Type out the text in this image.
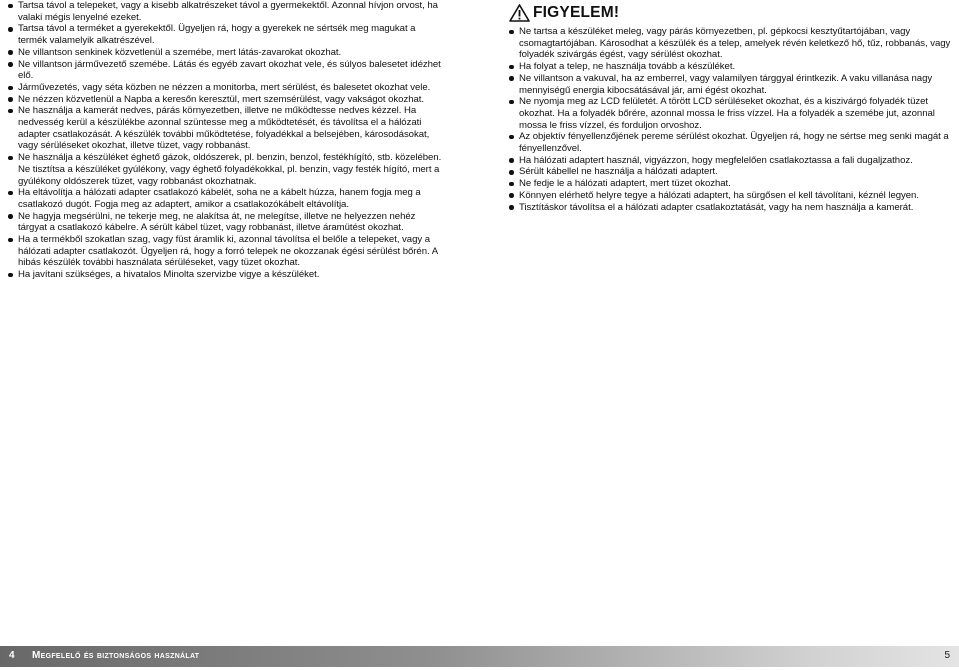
Tartsa távol a telepeket, vagy a kisebb alkatrészeket távol a gyermekektől. Azonnal hívjon orvost, ha valaki mégis lenyelné ezeket.
Tartsa távol a terméket a gyerekektől. Ügyeljen rá, hogy a gyerekek ne sértsék meg magukat a termék valamelyik alkatrészével.
Ne villantson senkinek közvetlenül a szemébe, mert látás-zavarokat okozhat.
Ne villantson járművezető szemébe. Látás és egyéb zavart okozhat vele, és súlyos balesetet idézhet elő.
Járművezetés, vagy séta közben ne nézzen a monitorba, mert sérülést, és balesetet okozhat vele.
Ne nézzen közvetlenül a Napba a keresőn keresztül, mert szemsérülést, vagy vakságot okozhat.
Ne használja a kamerát nedves, párás környezetben, illetve ne működtesse nedves kézzel. Ha nedvesség kerül a készülékbe azonnal szüntesse meg a működtetését, és távolítsa el a hálózati adapter csatlakozását. A készülék további működtetése, folyadékkal a belsejében, károsodásokat, vagy sérüléseket okozhat, illetve tüzet, vagy robbanást.
Ne használja a készüléket éghető gázok, oldószerek, pl. benzin, benzol, festékhígító, stb. közelében. Ne tisztítsa a készüléket gyúlékony, vagy éghető folyadékokkal, pl. benzin, vagy festék hígító, mert a gyúlékony oldószerek tüzet, vagy robbanást okozhatnak.
Ha eltávolítja a hálózati adapter csatlakozó kábelét, soha ne a kábelt húzza, hanem fogja meg a csatlakozó dugót. Fogja meg az adaptert, amikor a csatlakozókábelt eltávolítja.
Ne hagyja megsérülni, ne tekerje meg, ne alakítsa át, ne melegítse, illetve ne helyezzen nehéz tárgyat a csatlakozó kábelre. A sérült kábel tüzet, vagy robbanást, illetve áramütést okozhat.
Ha a termékből szokatlan szag, vagy füst áramlik ki, azonnal távolítsa el belőle a telepeket, vagy a hálózati adapter csatlakozót. Ügyeljen rá, hogy a forró telepek ne okozzanak égési sérülést bőrén. A hibás készülék további használata sérüléseket, vagy tüzet okozhat.
Ha javítani szükséges, a hivatalos Minolta szervizbe vigye a készüléket.
FIGYELEM!
Ne tartsa a készüléket meleg, vagy párás környezetben, pl. gépkocsi kesztyűtartójában, vagy csomagtartójában. Károsodhat a készülék és a telep, amelyek révén keletkező hő, tűz, robbanás, vagy folyadék szivárgás égést, vagy sérülést okozhat.
Ha folyat a telep, ne használja tovább a készüléket.
Ne villantson a vakuval, ha az emberrel, vagy valamilyen tárggyal érintkezik. A vaku villanása nagy mennyiségű energia kibocsátásával jár, ami égést okozhat.
Ne nyomja meg az LCD felületét. A törött LCD sérüléseket okozhat, és a kiszivárgó folyadék tüzet okozhat. Ha a folyadék bőrére, azonnal mossa le friss vízzel. Ha a folyadék a szemébe jut, azonnal mossa le friss vízzel, és forduljon orvoshoz.
Az objektív fényellenzőjének pereme sérülést okozhat. Ügyeljen rá, hogy ne sértse meg senki magát a fényellenzővel.
Ha hálózati adaptert használ, vigyázzon, hogy megfelelően csatlakoztassa a fali dugaljzathoz.
Sérült kábellel ne használja a hálózati adaptert.
Ne fedje le a hálózati adaptert, mert tüzet okozhat.
Könnyen elérhető helyre tegye a hálózati adaptert, ha sürgősen el kell távolítani, kéznél legyen.
Tisztításkor távolítsa el a hálózati adapter csatlakoztatását, vagy ha nem használja a kamerát.
4 Megfelelő és biztonságos használat	5
